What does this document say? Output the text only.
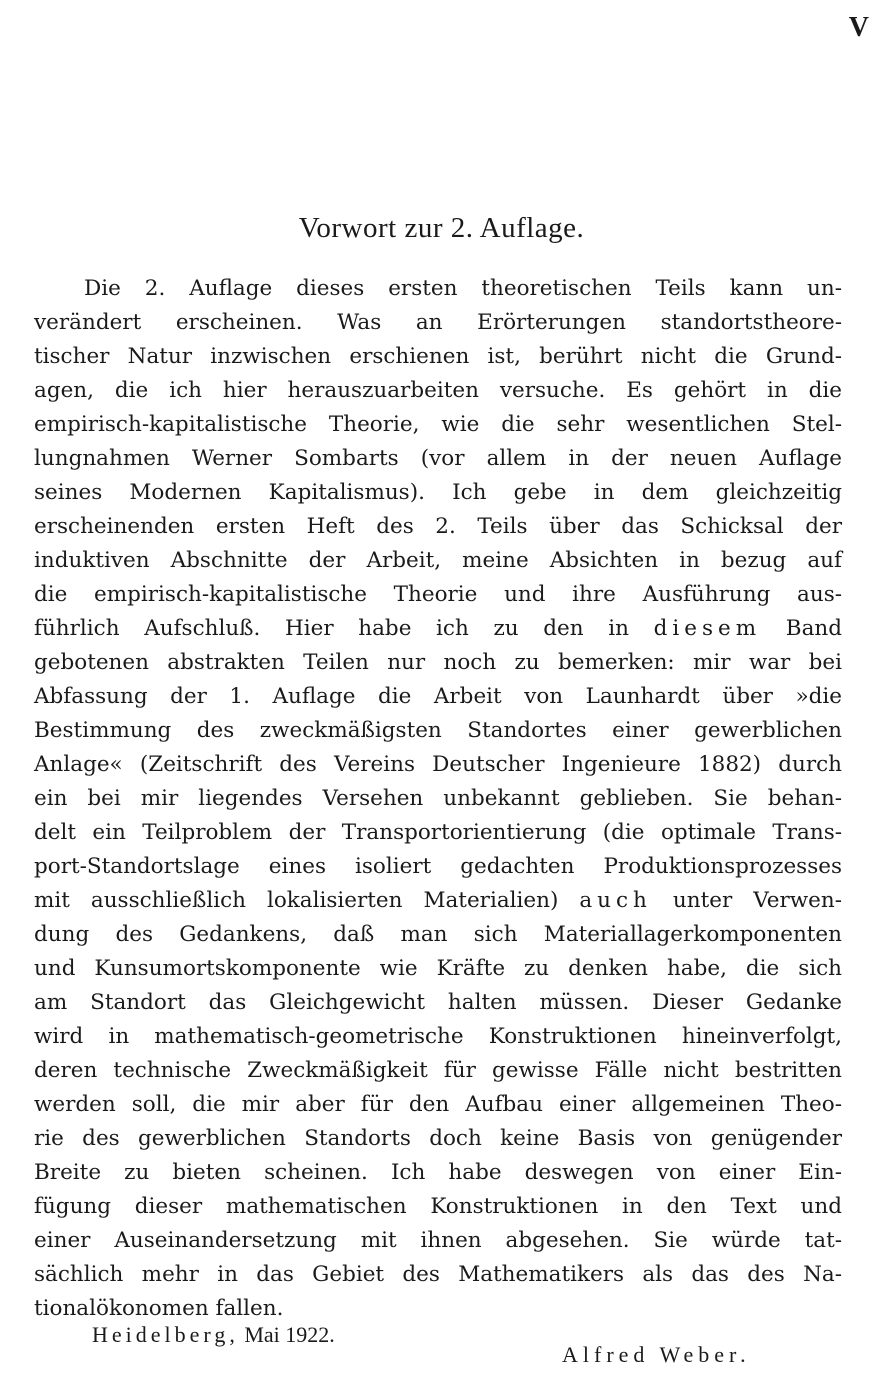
V
Vorwort zur 2. Auflage.
Die 2. Auflage dieses ersten theoretischen Teils kann un-
verändert erscheinen. Was an Erörterungen standortstheore-
tischer Natur inzwischen erschienen ist, berührt nicht die Grund-
agen, die ich hier herauszuarbeiten versuche. Es gehört in die
empirisch-kapitalistische Theorie, wie die sehr wesentlichen Stel-
lungnahmen Werner Sombarts (vor allem in der neuen Auflage
seines Modernen Kapitalismus). Ich gebe in dem gleichzeitig
erscheinenden ersten Heft des 2. Teils über das Schicksal der
induktiven Abschnitte der Arbeit, meine Absichten in bezug auf
die empirisch-kapitalistische Theorie und ihre Ausführung aus-
führlich Aufschluß. Hier habe ich zu den in diesem Band
gebotenen abstrakten Teilen nur noch zu bemerken: mir war bei
Abfassung der 1. Auflage die Arbeit von Launhardt über »die
Bestimmung des zweckmäßigsten Standortes einer gewerblichen
Anlage« (Zeitschrift des Vereins Deutscher Ingenieure 1882) durch
ein bei mir liegendes Versehen unbekannt geblieben. Sie behan-
delt ein Teilproblem der Transportorientierung (die optimale Trans-
port-Standortslage eines isoliert gedachten Produktionsprozesses
mit ausschließlich lokalisierten Materialien) auch unter Verwen-
dung des Gedankens, daß man sich Materiallagerkomponenten
und Kunsumortskomponente wie Kräfte zu denken habe, die sich
am Standort das Gleichgewicht halten müssen. Dieser Gedanke
wird in mathematisch-geometrische Konstruktionen hineinverfolgt,
deren technische Zweckmäßigkeit für gewisse Fälle nicht bestritten
werden soll, die mir aber für den Aufbau einer allgemeinen Theo-
rie des gewerblichen Standorts doch keine Basis von genügender
Breite zu bieten scheinen. Ich habe deswegen von einer Ein-
fügung dieser mathematischen Konstruktionen in den Text und
einer Auseinandersetzung mit ihnen abgesehen. Sie würde tat-
sächlich mehr in das Gebiet des Mathematikers als das des Na-
tionalökonomen fallen.
Heidelberg, Mai 1922.
Alfred Weber.
